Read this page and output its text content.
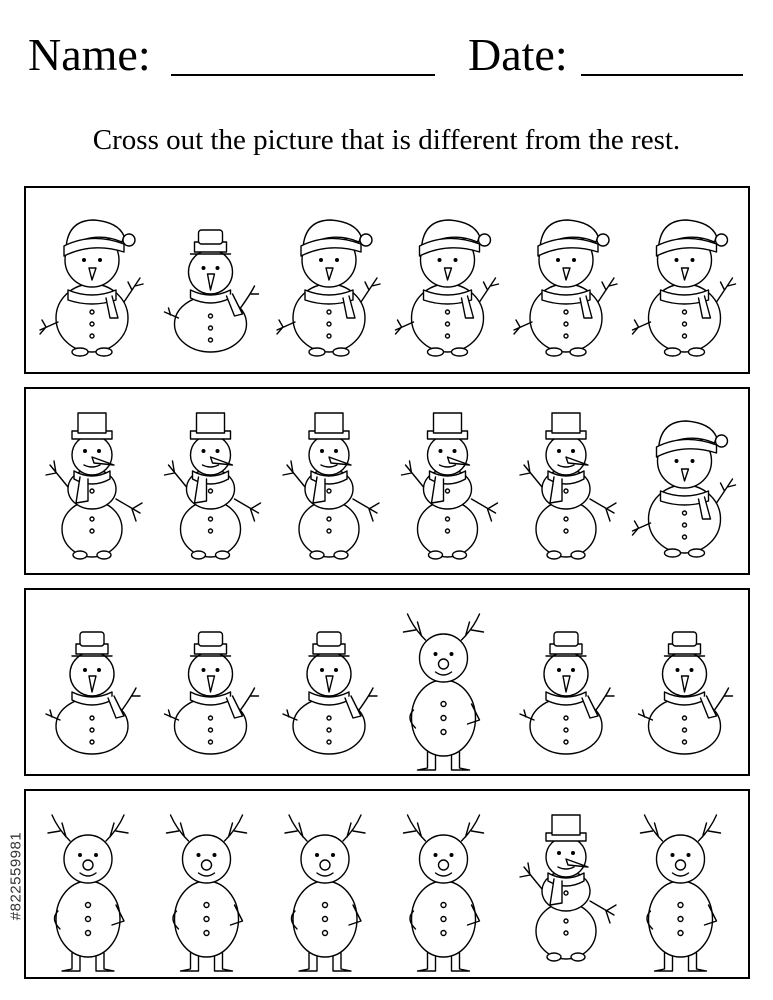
Name:	Date:
Cross out the picture that is different from the rest.
#822559981
